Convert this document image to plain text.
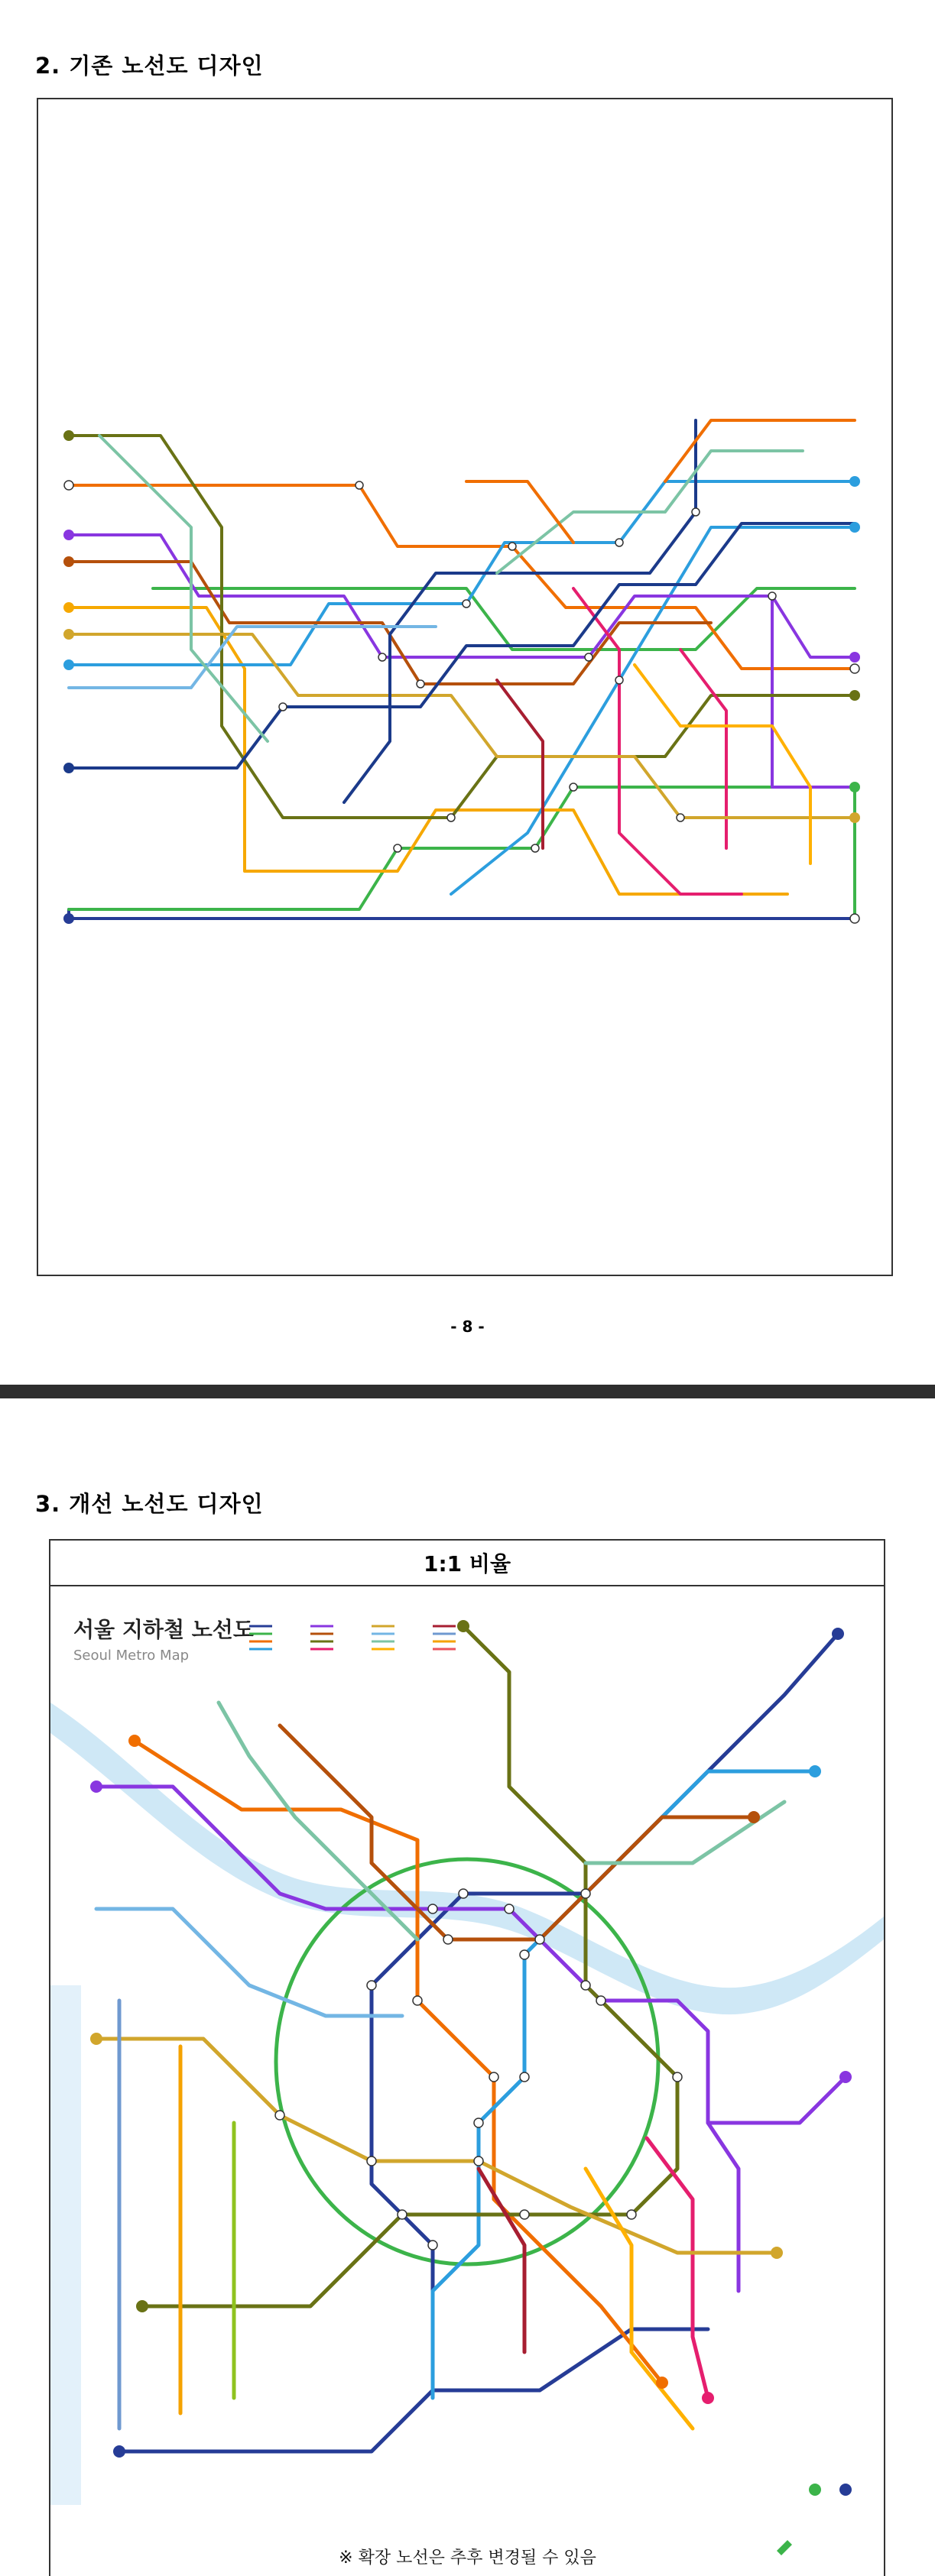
2. 기존 노선도 디자인
- 8 -
3. 개선 노선도 디자인
1:1 비율
서울 지하철 노선도
Seoul Metro Map
※ 확장 노선은 추후 변경될 수 있음
